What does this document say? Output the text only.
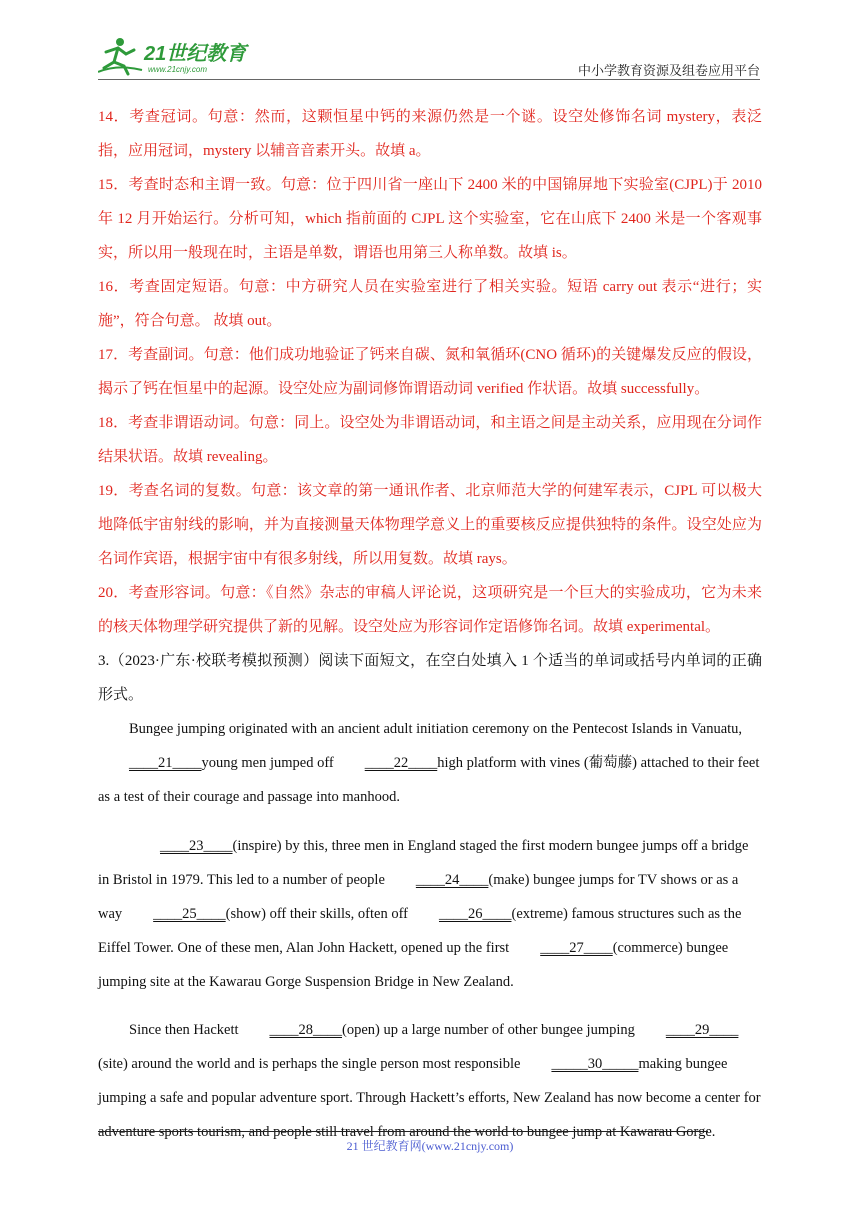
21世纪教育
www.21cnjy.com	中小学教育资源及组卷应用平台
14．考查冠词。句意：然而，这颗恒星中钙的来源仍然是一个谜。设空处修饰名词 mystery，表泛指，应用冠词，mystery 以辅音音素开头。故填 a。
15．考查时态和主谓一致。句意：位于四川省一座山下 2400 米的中国锦屏地下实验室(CJPL)于 2010 年 12 月开始运行。分析可知，which 指前面的 CJPL 这个实验室，它在山底下 2400 米是一个客观事实，所以用一般现在时，主语是单数，谓语也用第三人称单数。故填 is。
16．考查固定短语。句意：中方研究人员在实验室进行了相关实验。短语 carry out 表示“进行；实施”，符合句意。 故填 out。
17．考查副词。句意：他们成功地验证了钙来自碳、氮和氧循环(CNO 循环)的关键爆发反应的假设，揭示了钙在恒星中的起源。设空处应为副词修饰谓语动词 verified 作状语。故填 successfully。
18．考查非谓语动词。句意：同上。设空处为非谓语动词，和主语之间是主动关系，应用现在分词作结果状语。故填 revealing。
19．考查名词的复数。句意：该文章的第一通讯作者、北京师范大学的何建军表示，CJPL 可以极大地降低宇宙射线的影响，并为直接测量天体物理学意义上的重要核反应提供独特的条件。设空处应为名词作宾语，根据宇宙中有很多射线，所以用复数。故填 rays。
20．考查形容词。句意：《自然》杂志的审稿人评论说，这项研究是一个巨大的实验成功，它为未来的核天体物理学研究提供了新的见解。设空处应为形容词作定语修饰名词。故填 experimental。
3.（2023·广东·校联考模拟预测）阅读下面短文，在空白处填入 1 个适当的单词或括号内单词的正确形式。

Bungee jumping originated with an ancient adult initiation ceremony on the Pentecost Islands in Vanuatu,____21____young men jumped off ____22____high platform with vines (葡萄藤) attached to their feet as a test of their courage and passage into manhood.

____23____(inspire) by this, three men in England staged the first modern bungee jumps off a bridge in Bristol in 1979. This led to a number of people ____24____(make) bungee jumps for TV shows or as a way ____25____(show) off their skills, often off ____26____(extreme) famous structures such as the Eiffel Tower. One of these men, Alan John Hackett, opened up the first ____27____(commerce) bungee jumping site at the Kawarau Gorge Suspension Bridge in New Zealand.

Since then Hackett ____28____(open) up a large number of other bungee jumping ____29____(site) around the world and is perhaps the single person most responsible _____30_____making bungee jumping a safe and popular adventure sport. Through Hackett’s efforts, New Zealand has now become a center for adventure sports tourism, and people still travel from around the world to bungee jump at Kawarau Gorge.

21 世纪教育网(www.21cnjy.com)
